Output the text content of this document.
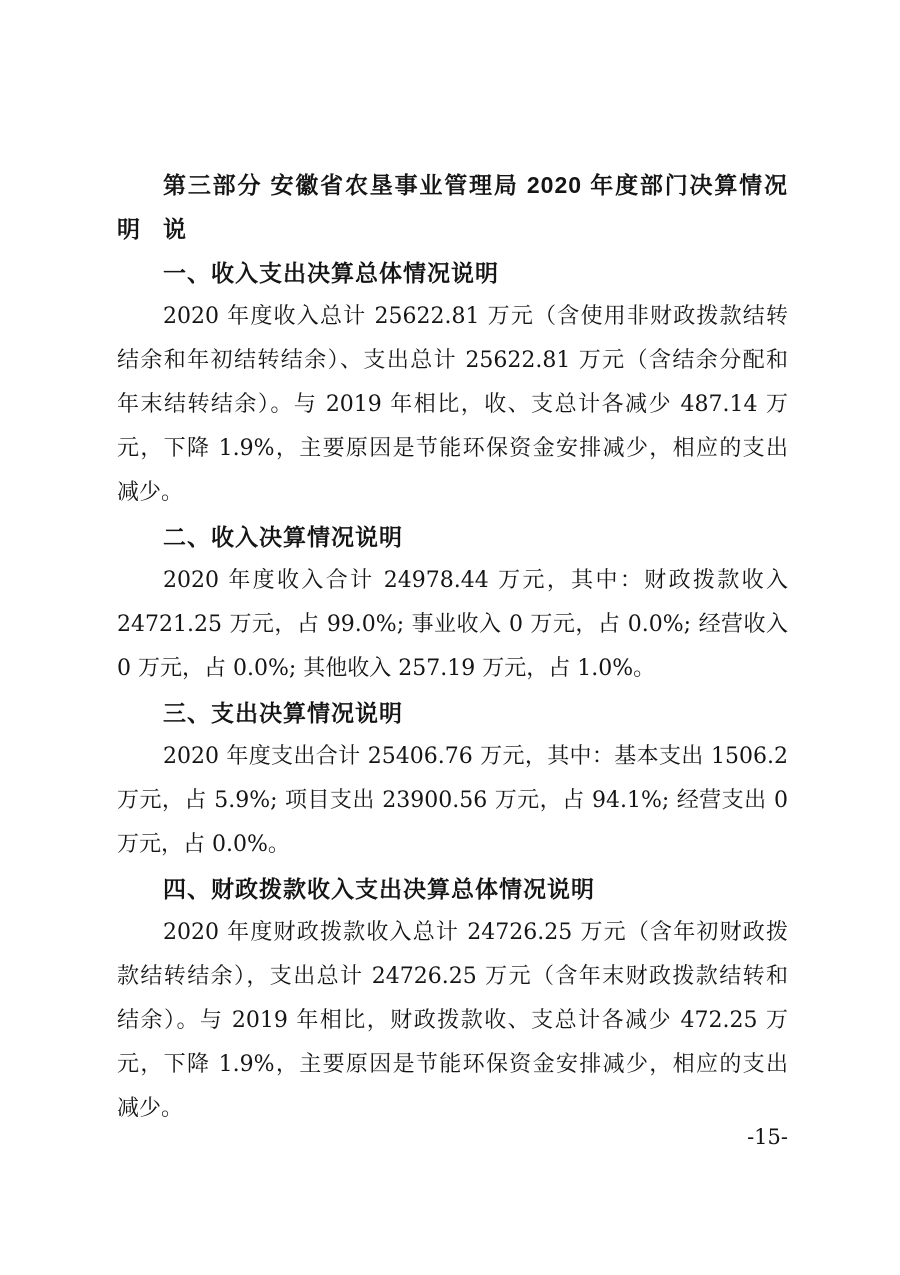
第三部分 安徽省农垦事业管理局 2020 年度部门决算情况说
明
一、收入支出决算总体情况说明
2020 年度收入总计 25622.81 万元（含使用非财政拨款结转
结余和年初结转结余）、支出总计 25622.81 万元（含结余分配和
年末结转结余）。与 2019 年相比，收、支总计各减少 487.14 万
元，下降 1.9%，主要原因是节能环保资金安排减少，相应的支出
减少。
二、收入决算情况说明
2020 年度收入合计 24978.44 万元，其中：财政拨款收入
24721.25 万元，占 99.0%; 事业收入 0 万元，占 0.0%; 经营收入
0 万元，占 0.0%; 其他收入 257.19 万元，占 1.0%。
三、支出决算情况说明
2020 年度支出合计 25406.76 万元，其中：基本支出 1506.2
万元，占 5.9%; 项目支出 23900.56 万元，占 94.1%; 经营支出 0
万元，占 0.0%。
四、财政拨款收入支出决算总体情况说明
2020 年度财政拨款收入总计 24726.25 万元（含年初财政拨
款结转结余），支出总计 24726.25 万元（含年末财政拨款结转和
结余）。与 2019 年相比，财政拨款收、支总计各减少 472.25 万
元，下降 1.9%，主要原因是节能环保资金安排减少，相应的支出
减少。
-15-
